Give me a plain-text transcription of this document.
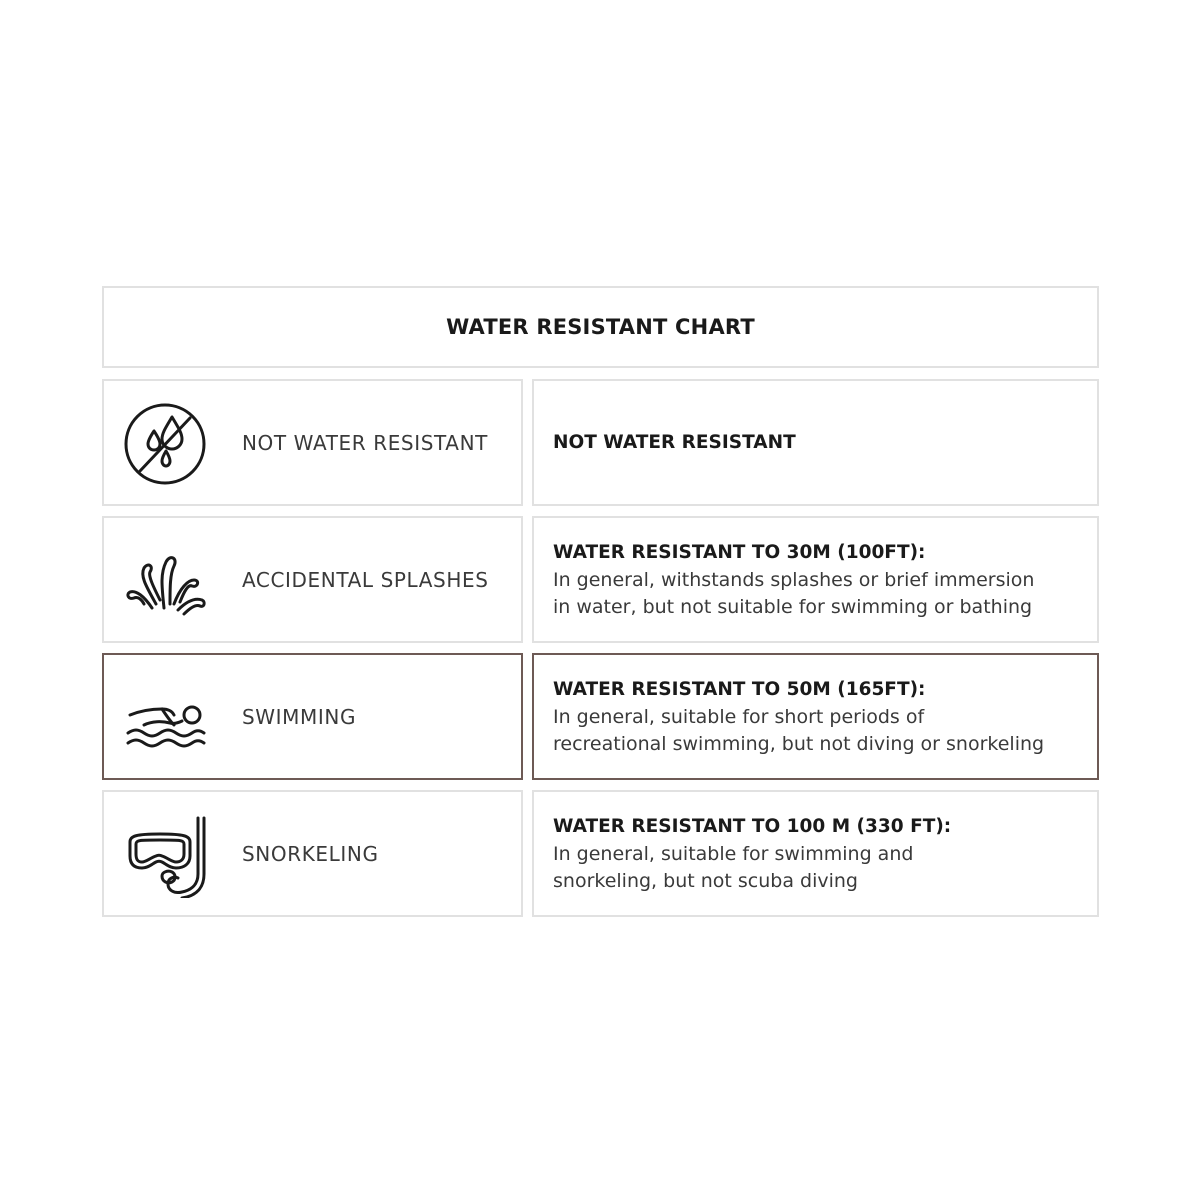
WATER RESISTANT CHART
NOT WATER RESISTANT	NOT WATER RESISTANT
ACCIDENTAL SPLASHES
WATER RESISTANT TO 30M (100FT):
In general, withstands splashes or brief immersion
in water, but not suitable for swimming or bathing
SWIMMING
WATER RESISTANT TO 50M (165FT):
In general, suitable for short periods of
recreational swimming, but not diving or snorkeling
SNORKELING
WATER RESISTANT TO 100 M (330 FT):
In general, suitable for swimming and
snorkeling, but not scuba diving
